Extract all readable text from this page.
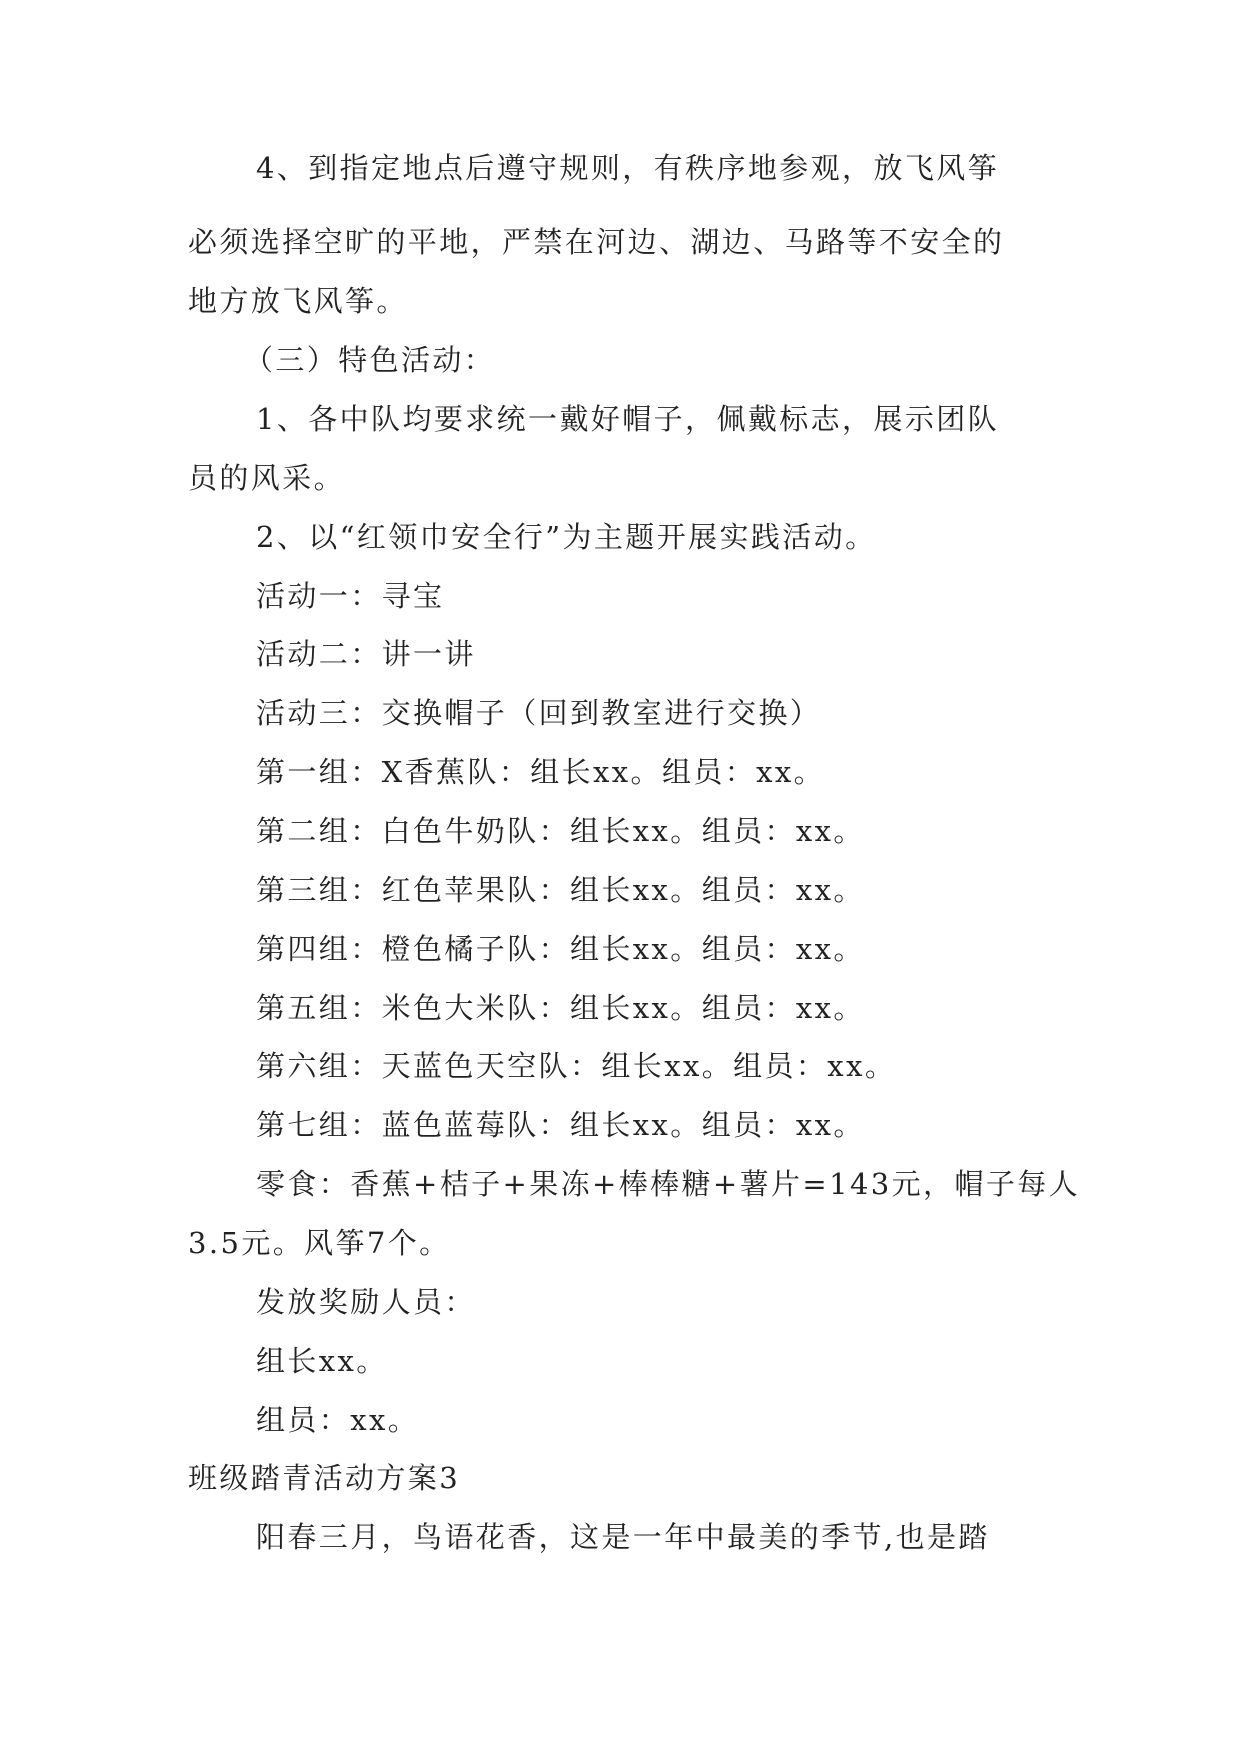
4、到指定地点后遵守规则，有秩序地参观，放飞风筝
必须选择空旷的平地，严禁在河边、湖边、马路等不安全的
地方放飞风筝。
（三）特色活动：
1、各中队均要求统一戴好帽子，佩戴标志，展示团队
员的风采。
2、以“红领巾安全行”为主题开展实践活动。
活动一：寻宝
活动二：讲一讲
活动三：交换帽子（回到教室进行交换）
第一组：X香蕉队：组长xx。组员：xx。
第二组：白色牛奶队：组长xx。组员：xx。
第三组：红色苹果队：组长xx。组员：xx。
第四组：橙色橘子队：组长xx。组员：xx。
第五组：米色大米队：组长xx。组员：xx。
第六组：天蓝色天空队：组长xx。组员：xx。
第七组：蓝色蓝莓队：组长xx。组员：xx。
零食：香蕉+桔子+果冻+棒棒糖+薯片=143元，帽子每人
3.5元。风筝7个。
发放奖励人员：
组长xx。
组员：xx。
班级踏青活动方案3
阳春三月，鸟语花香，这是一年中最美的季节,也是踏
